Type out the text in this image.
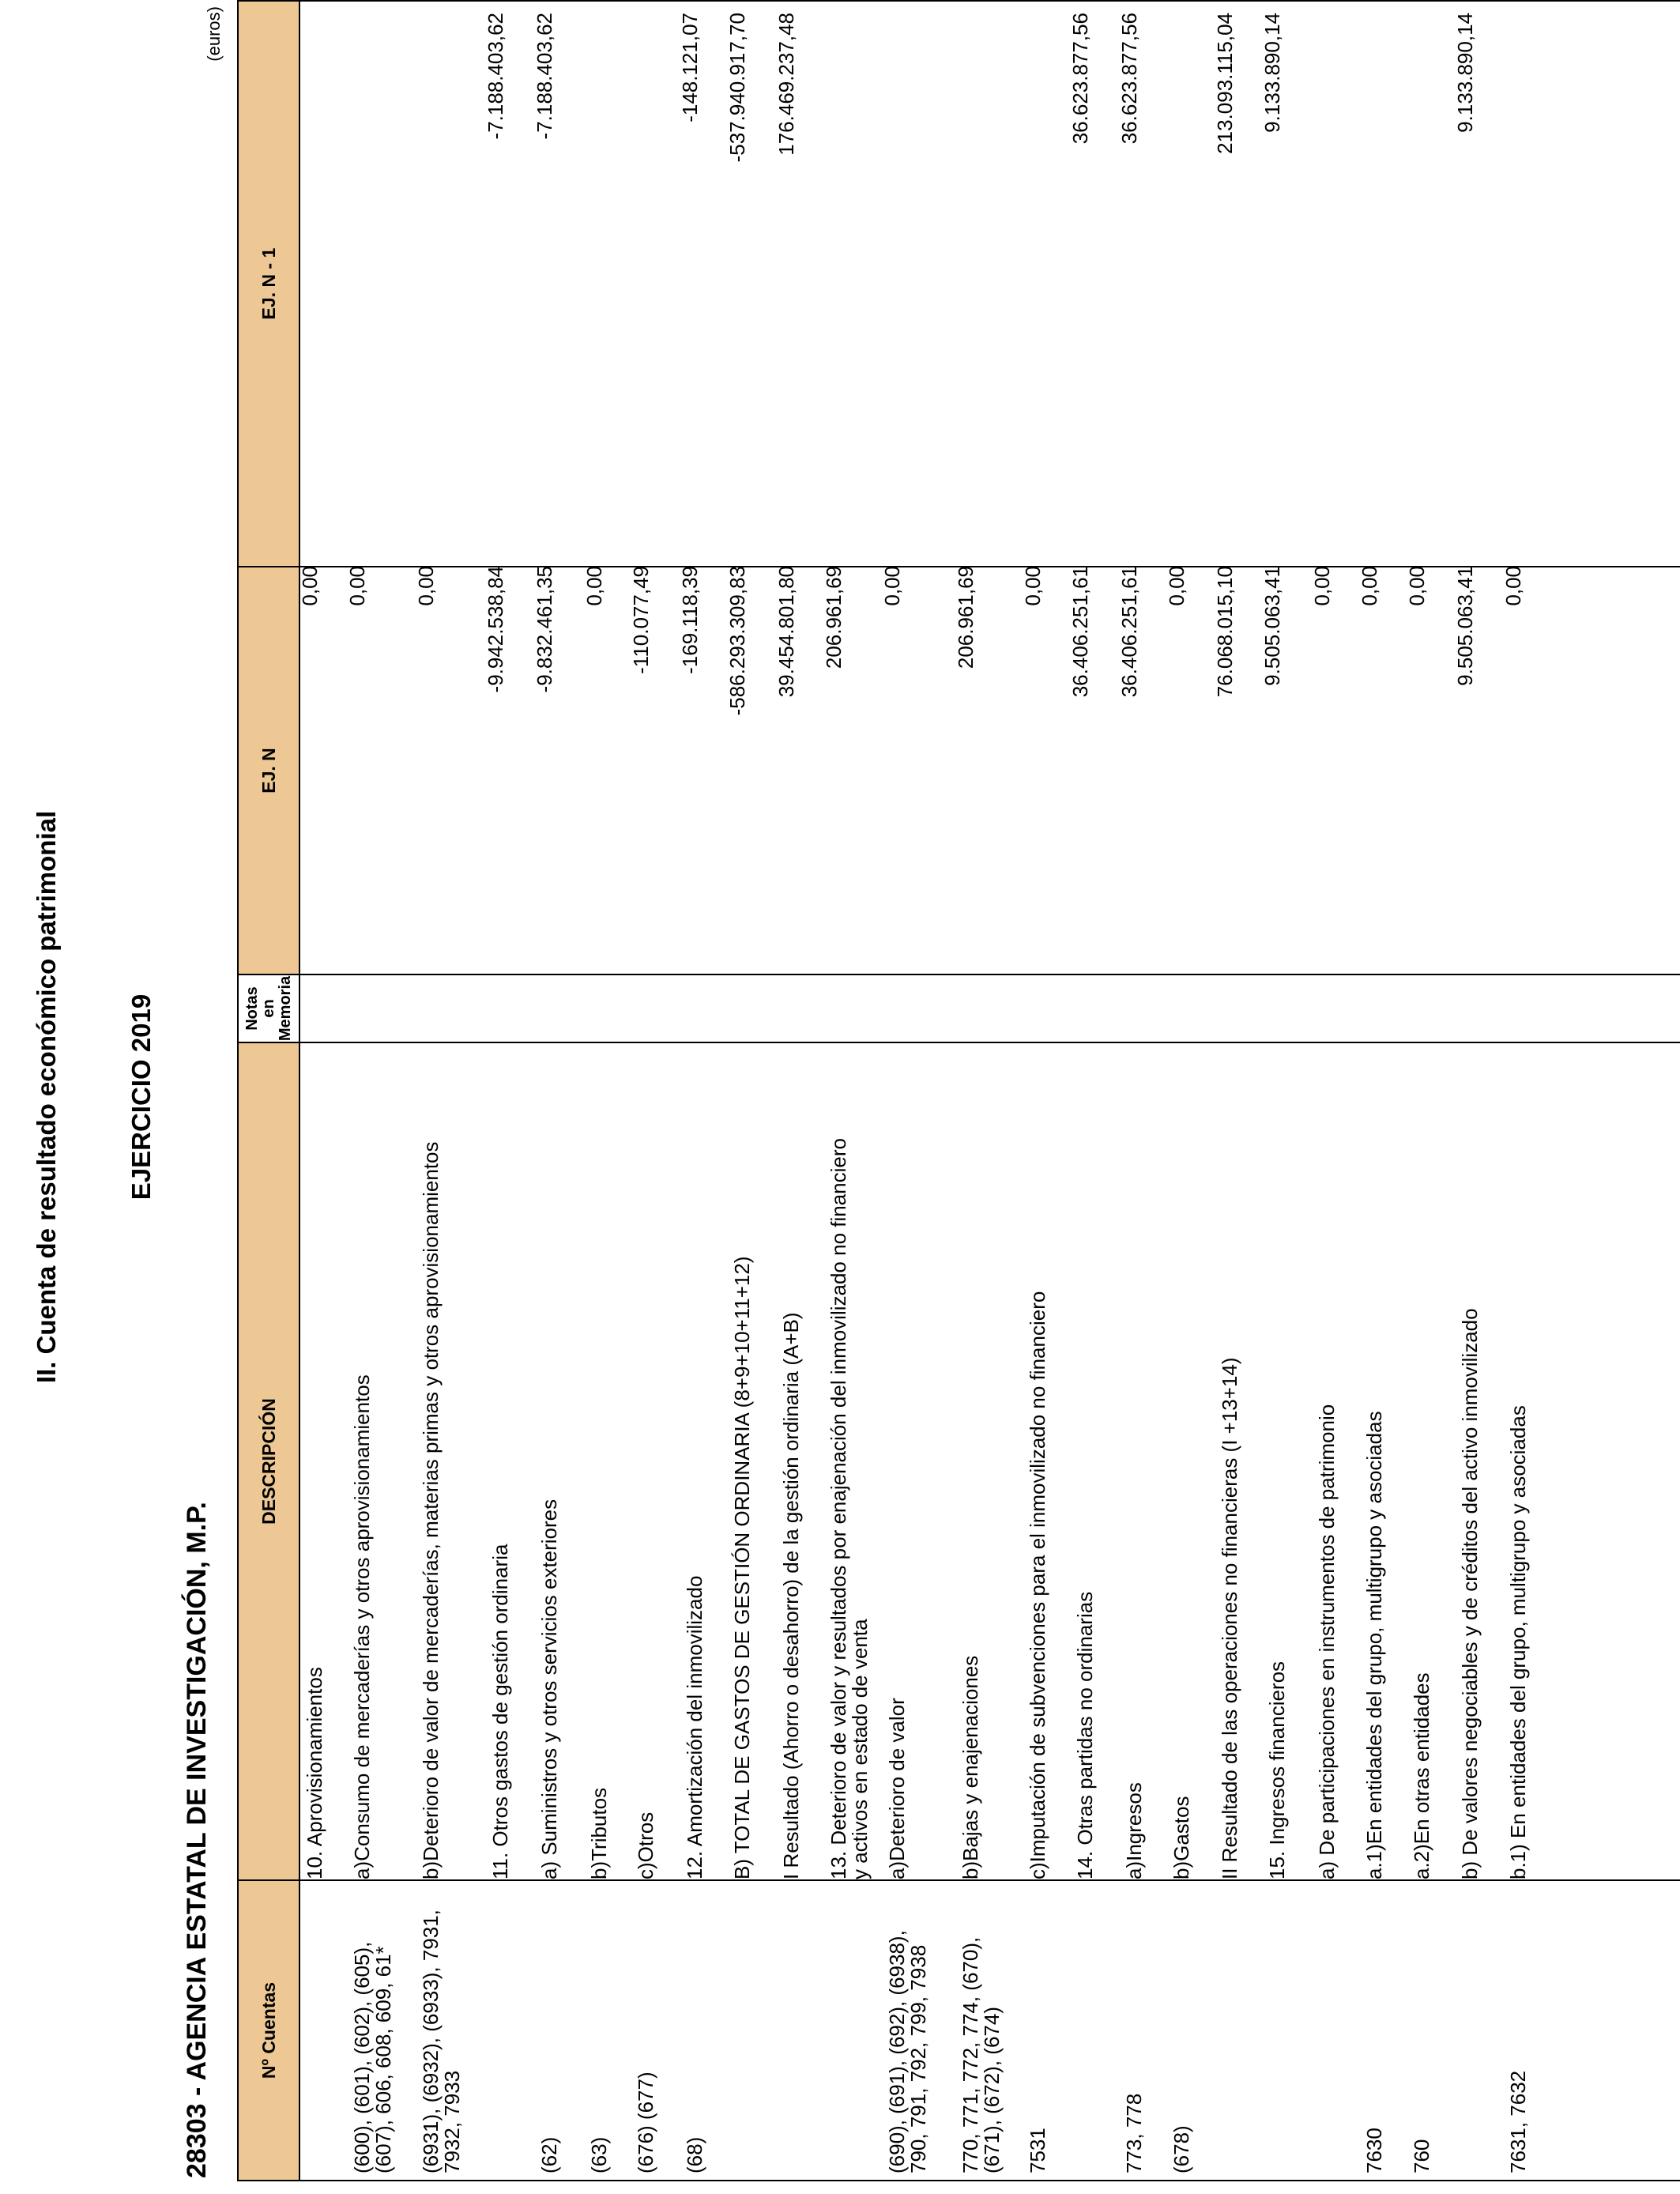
II. Cuenta de resultado económico patrimonial	EJERCICIO 2019
28303 - AGENCIA ESTATAL DE INVESTIGACIÓN, M.P.
(euros)
Nº Cuentas
DESCRIPCIÓN
Notas en Memoria
EJ. N
EJ. N - 1
10. Aprovisionamientos
0,00
(600), (601), (602), (605), (607), 606, 608, 609, 61*
a)Consumo de mercaderías y otros aprovisionamientos
0,00
(6931), (6932), (6933), 7931, 7932, 7933
b)Deterioro de valor de mercaderías, materias primas y otros aprovisionamientos
0,00
11. Otros gastos de gestión ordinaria
-9.942.538,84
-7.188.403,62
(62)
a) Suministros y otros servicios exteriores
-9.832.461,35
-7.188.403,62
(63)
b)Tributos
0,00
(676) (677)
c)Otros
-110.077,49
(68)
12. Amortización del inmovilizado
-169.118,39
-148.121,07
B) TOTAL DE GASTOS DE GESTIÓN ORDINARIA (8+9+10+11+12)
-586.293.309,83
-537.940.917,70
I Resultado (Ahorro o desahorro) de la gestión ordinaria (A+B)
39.454.801,80
176.469.237,48
13. Deterioro de valor y resultados por enajenación del inmovilizado no financiero
y activos en estado de venta
206.961,69
(690), (691), (692), (6938), 790, 791, 792, 799, 7938
a)Deterioro de valor
0,00
770, 771, 772, 774, (670), (671), (672), (674)
b)Bajas y enajenaciones
206.961,69
7531
c)Imputación de subvenciones para el inmovilizado no financiero
0,00
14. Otras partidas no ordinarias
36.406.251,61
36.623.877,56
773, 778
a)Ingresos
36.406.251,61
36.623.877,56
(678)
b)Gastos
0,00
II Resultado de las operaciones no financieras (I +13+14)
76.068.015,10
213.093.115,04
15. Ingresos financieros
9.505.063,41
9.133.890,14
a) De participaciones en instrumentos de patrimonio
0,00
7630
a.1)En entidades del grupo, multigrupo y asociadas
0,00
760
a.2)En otras entidades
0,00
b) De valores negociables y de créditos del activo inmovilizado
9.505.063,41
9.133.890,14
7631, 7632
b.1) En entidades del grupo, multigrupo y asociadas
0,00
